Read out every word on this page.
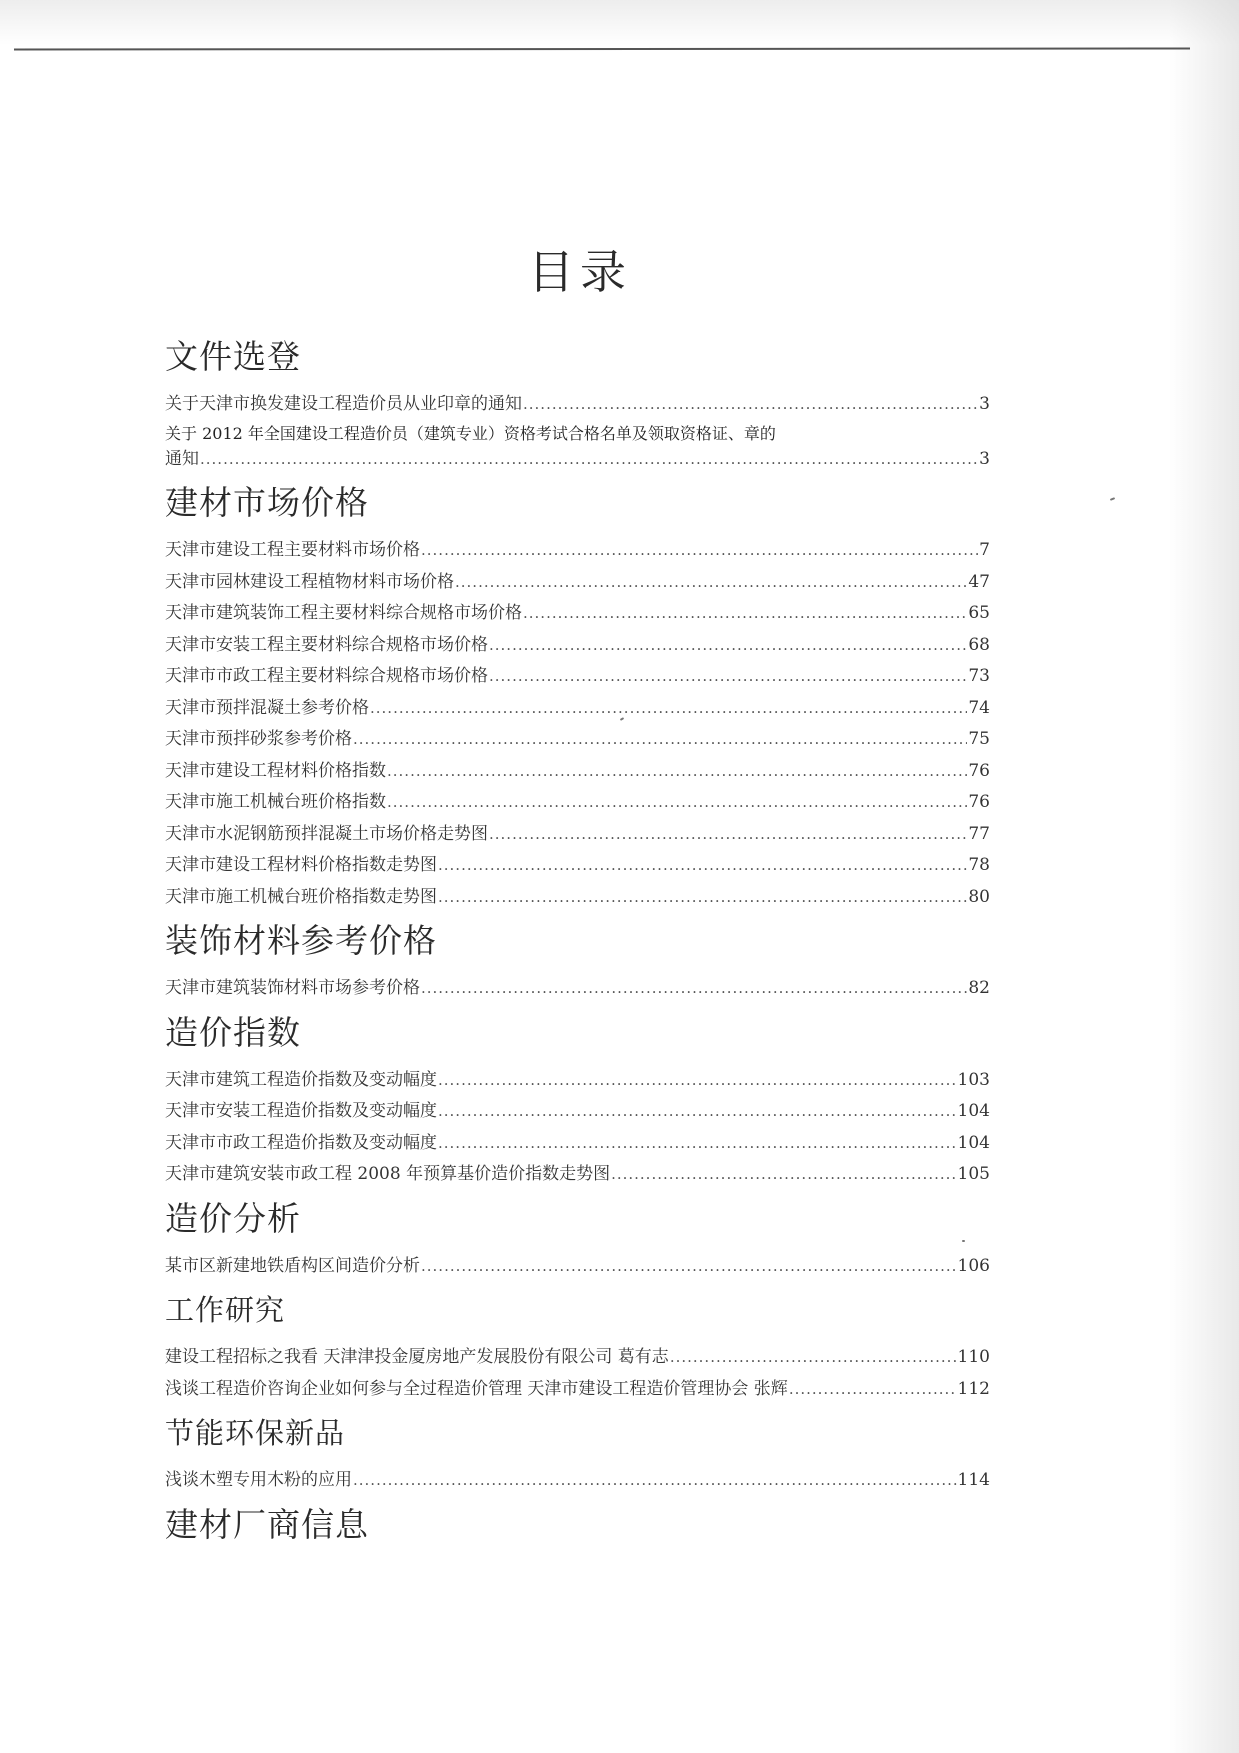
目录
文件选登
关于天津市换发建设工程造价员从业印章的通知 .....	3
关于 2012 年全国建设工程造价员（建筑专业）资格考试合格名单及领取资格证、章的
通知 .....	3
建材市场价格
天津市建设工程主要材料市场价格 .....	7
天津市园林建设工程植物材料市场价格 .....	47
天津市建筑装饰工程主要材料综合规格市场价格 .....	65
天津市安装工程主要材料综合规格市场价格 .....	68
天津市市政工程主要材料综合规格市场价格 .....	73
天津市预拌混凝土参考价格 .....	74
天津市预拌砂浆参考价格 .....	75
天津市建设工程材料价格指数 .....	76
天津市施工机械台班价格指数 .....	76
天津市水泥钢筋预拌混凝土市场价格走势图 .....	77
天津市建设工程材料价格指数走势图 .....	78
天津市施工机械台班价格指数走势图 .....	80
装饰材料参考价格
天津市建筑装饰材料市场参考价格 .....	82
造价指数
天津市建筑工程造价指数及变动幅度 .....	103
天津市安装工程造价指数及变动幅度 .....	104
天津市市政工程造价指数及变动幅度 .....	104
天津市建筑安装市政工程 2008 年预算基价造价指数走势图 .....	105
造价分析
某市区新建地铁盾构区间造价分析 .....	106
工作研究
建设工程招标之我看 天津津投金厦房地产发展股份有限公司 葛有志 .....	110
浅谈工程造价咨询企业如何参与全过程造价管理 天津市建设工程造价管理协会 张辉 .....	112
节能环保新品
浅谈木塑专用木粉的应用 .....	114
建材厂商信息
